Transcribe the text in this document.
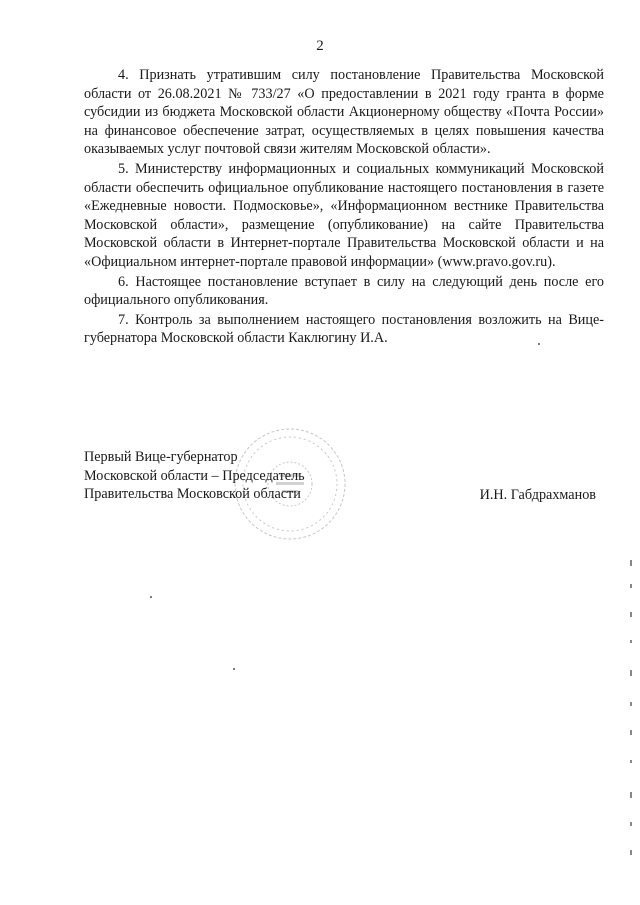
2

4. Признать утратившим силу постановление Правительства Московской области от 26.08.2021 № 733/27 «О предоставлении в 2021 году гранта в форме субсидии из бюджета Московской области Акционерному обществу «Почта России» на финансовое обеспечение затрат, осуществляемых в целях повышения качества оказываемых услуг почтовой связи жителям Московской области».

5. Министерству информационных и социальных коммуникаций Московской области обеспечить официальное опубликование настоящего постановления в газете «Ежедневные новости. Подмосковье», «Информационном вестнике Правительства Московской области», размещение (опубликование) на сайте Правительства Московской области в Интернет-портале Правительства Московской области и на «Официальном интернет-портале правовой информации» (www.pravo.gov.ru).

6. Настоящее постановление вступает в силу на следующий день после его официального опубликования.

7. Контроль за выполнением настоящего постановления возложить на Вице-губернатора Московской области Каклюгину И.А.

Первый Вице-губернатор
Московской области – Председатель
Правительства Московской области	И.Н. Габдрахманов
